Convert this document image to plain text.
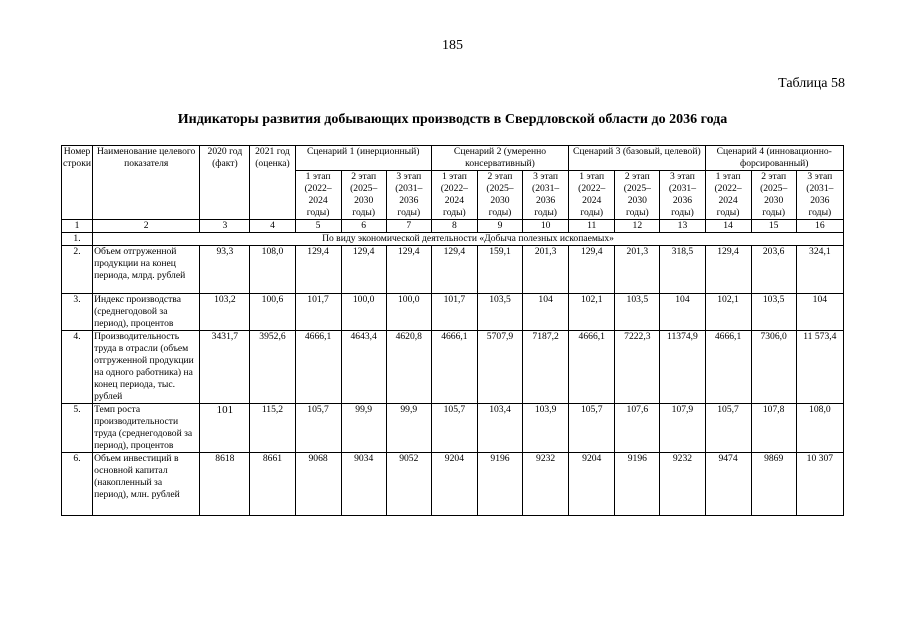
185
Таблица 58
Индикаторы развития добывающих производств в Свердловской области до 2036 года
Номер строки	Наименование целевого показателя	2020 год (факт)	2021 год (оценка)	Сценарий 1 (инерционный)			Сценарий 2 (умеренно консервативный)			Сценарий 3 (базовый, целевой)			Сценарий 4 (инновационно-форсированный)		
				1 этап (2022–2024 годы)	2 этап (2025–2030 годы)	3 этап (2031–2036 годы)	1 этап (2022–2024 годы)	2 этап (2025–2030 годы)	3 этап (2031–2036 годы)	1 этап (2022–2024 годы)	2 этап (2025–2030 годы)	3 этап (2031–2036 годы)	1 этап (2022–2024 годы)	2 этап (2025–2030 годы)	3 этап (2031–2036 годы)
1	2	3	4	5	6	7	8	9	10	11	12	13	14	15	16
1.	По виду экономической деятельности «Добыча полезных ископаемых»														
2.	Объем отгруженной продукции на конец периода, млрд. рублей	93,3	108,0	129,4	129,4	129,4	129,4	159,1	201,3	129,4	201,3	318,5	129,4	203,6	324,1
3.	Индекс производства (среднегодовой за период), процентов	103,2	100,6	101,7	100,0	100,0	101,7	103,5	104	102,1	103,5	104	102,1	103,5	104
4.	Производительность труда в отрасли (объем отгруженной продукции на одного работника) на конец периода, тыс. рублей	3431,7	3952,6	4666,1	4643,4	4620,8	4666,1	5707,9	7187,2	4666,1	7222,3	11374,9	4666,1	7306,0	11 573,4
5.	Темп роста производительности труда (среднегодовой за период), процентов	101	115,2	105,7	99,9	99,9	105,7	103,4	103,9	105,7	107,6	107,9	105,7	107,8	108,0
6.	Объем инвестиций в основной капитал (накопленный за период), млн. рублей	8618	8661	9068	9034	9052	9204	9196	9232	9204	9196	9232	9474	9869	10 307
